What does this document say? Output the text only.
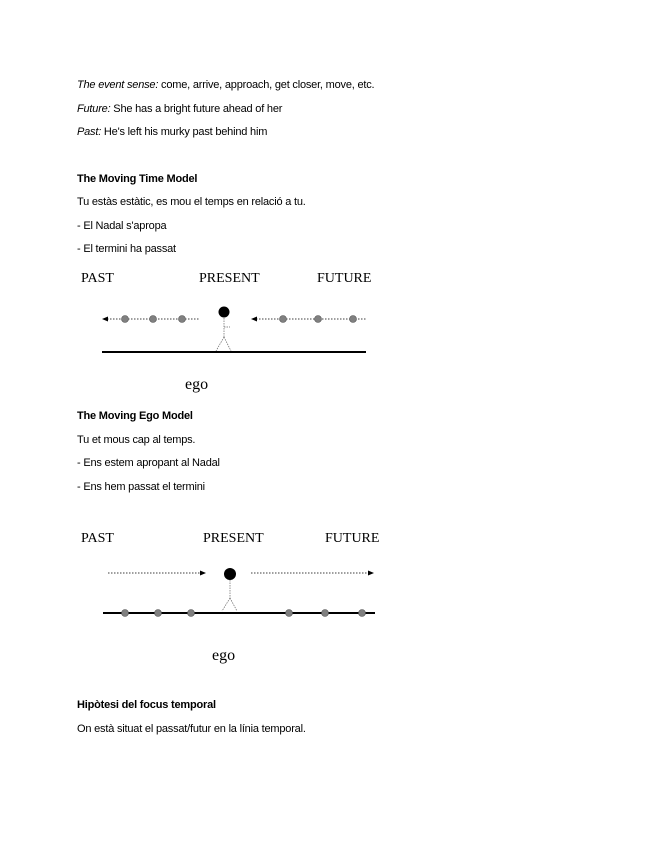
The event sense: come, arrive, approach, get closer, move, etc.
Future: She has a bright future ahead of her
Past: He's left his murky past behind him
The Moving Time Model
Tu estàs estàtic, es mou el temps en relació a tu.
- El Nadal s'apropa
- El termini ha passat
PAST	PRESENT	FUTURE
ego
The Moving Ego Model
Tu et mous cap al temps.
- Ens estem apropant al Nadal
- Ens hem passat el termini
PAST	PRESENT	FUTURE
ego
Hipòtesi del focus temporal
On està situat el passat/futur en la línia temporal.
